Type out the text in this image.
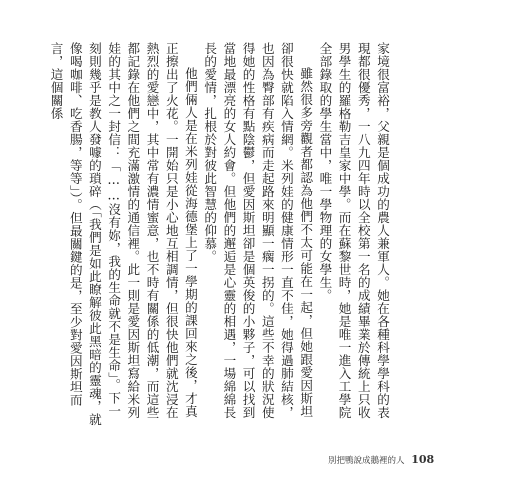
家境很富裕，父親是個成功的農人兼軍人。她在各種科學學科的表現都很優秀，一八九四年時以全校第一名的成績畢業於傳統上只收男學生的羅格勒吉皇家中學。而在蘇黎世時，她是唯一進入工學院全部錄取的學生當中，唯一學物理的女學生。

雖然很多旁觀者都認為他們不太可能在一起，但她跟愛因斯坦卻很快就陷入情網。米列娃的健康情形一直不佳，她得過肺結核，也因為臀部有疾病而走起路來明顯一瘸一拐的。這些不幸的狀況使得她的性格有點陰鬱，但愛因斯坦卻是個英俊的小夥子，可以找到當地最漂亮的女人約會。但他們的邂逅是心靈的相遇，一場綿綿長長的愛情，扎根於對彼此智慧的仰慕。

他們倆人是在米列娃從海德堡上了一學期的課回來之後，才真正擦出了火花。一開始只是小心地互相調情，但很快他們就沈浸在熱烈的愛戀中，其中常有濃情蜜意，也不時有關係的低潮，而這些都記錄在他們之間充滿激情的通信裡。此一則是愛因斯坦寫給米列娃的其中之一封信：「……沒有妳，我的生命就不是生命」。下一刻則幾乎是教人發噱的瑣碎（「我們是如此瞭解彼此黑暗的靈魂，就像喝咖啡、吃香腸，等等」）。但最關鍵的是，至少對愛因斯坦而言，這個關係

別把鴨說成鵝裡的人 108
